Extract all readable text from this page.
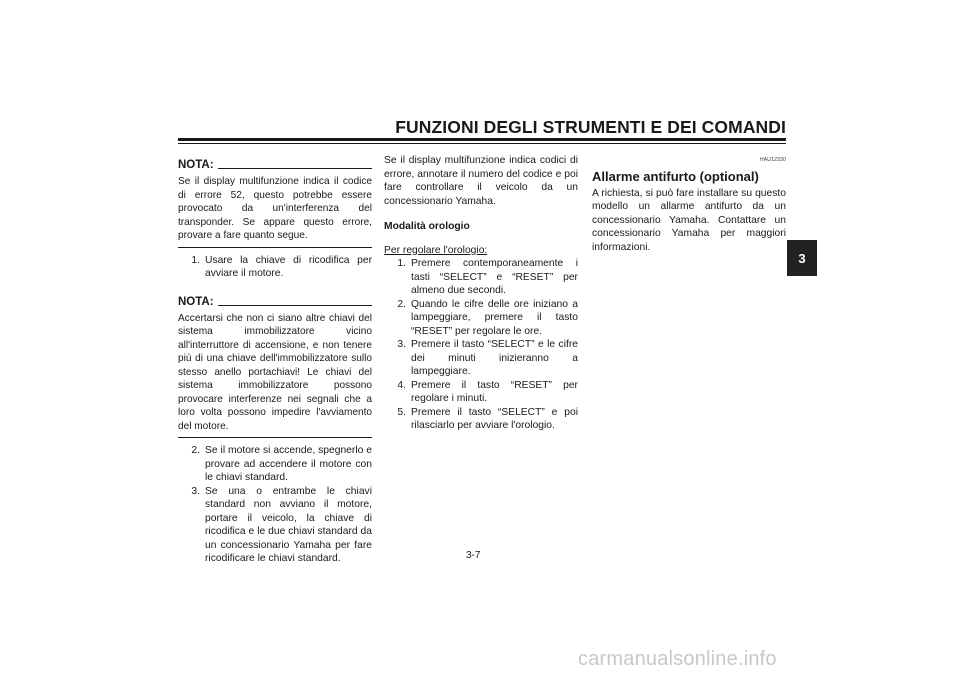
FUNZIONI DEGLI STRUMENTI E DEI COMANDI
3
NOTA:

Se il display multifunzione indica il codice di errore 52, questo potrebbe essere provocato da un'interferenza del transponder. Se appare questo errore, provare a fare quanto segue.

1. Usare la chiave di ricodifica per avviare il motore.
NOTA:

Accertarsi che non ci siano altre chiavi del sistema immobilizzatore vicino all'interruttore di accensione, e non tenere più di una chiave dell'immobilizzatore sullo stesso anello portachiavi! Le chiavi del sistema immobilizzatore possono provocare interferenze nei segnali che a loro volta possono impedire l'avviamento del motore.

2. Se il motore si accende, spegnerlo e provare ad accendere il motore con le chiavi standard.
3. Se una o entrambe le chiavi standard non avviano il motore, portare il veicolo, la chiave di ricodifica e le due chiavi standard da un concessionario Yamaha per fare ricodificare le chiavi standard.

Se il display multifunzione indica codici di errore, annotare il numero del codice e poi fare controllare il veicolo da un concessionario Yamaha.

Modalità orologio
Per regolare l'orologio:
1. Premere contemporaneamente i tasti “SELECT” e “RESET” per almeno due secondi.
2. Quando le cifre delle ore iniziano a lampeggiare, premere il tasto “RESET” per regolare le ore.
3. Premere il tasto “SELECT” e le cifre dei minuti inizieranno a lampeggiare.
4. Premere il tasto “RESET” per regolare i minuti.
5. Premere il tasto “SELECT” e poi rilasciarlo per avviare l'orologio.
HAU12330
Allarme antifurto (optional)

A richiesta, si può fare installare su questo modello un allarme antifurto da un concessionario Yamaha. Contattare un concessionario Yamaha per maggiori informazioni.

3-7
carmanualsonline.info
